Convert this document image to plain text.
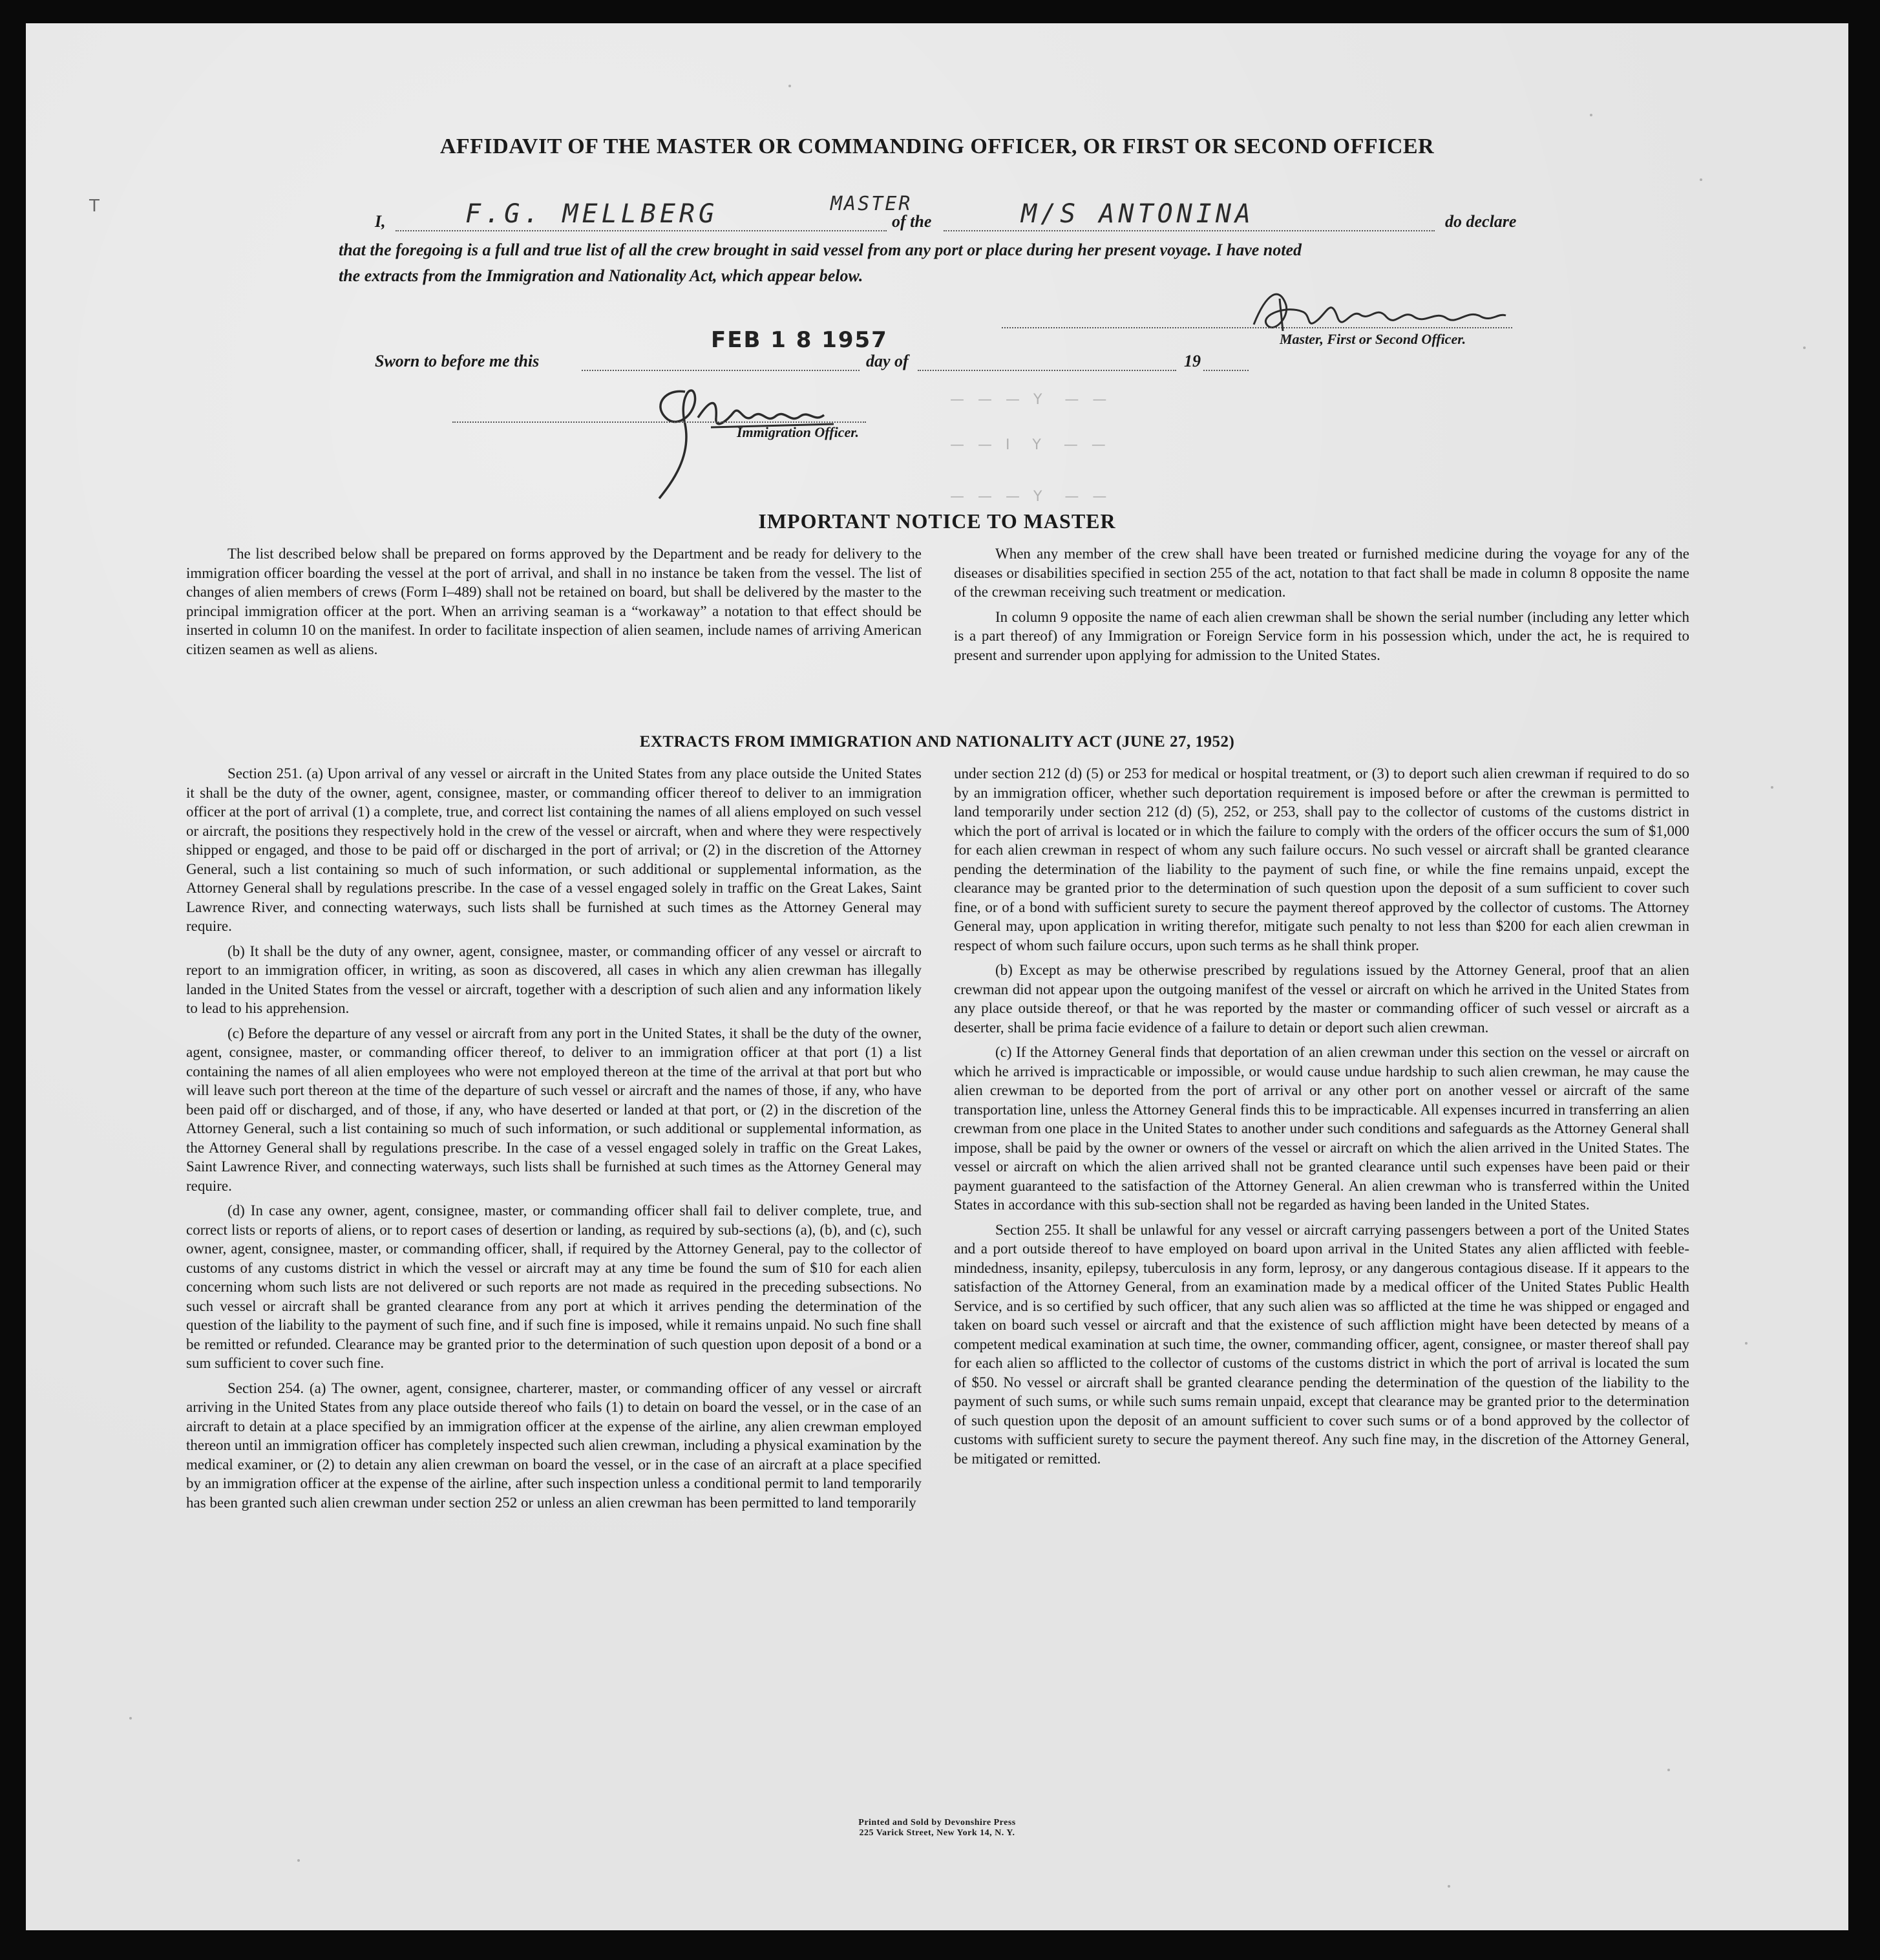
T
AFFIDAVIT OF THE MASTER OR COMMANDING OFFICER, OR FIRST OR SECOND OFFICER
I,	F.G. MELLBERG	MASTER
of the	M/S ANTONINA	do declare
that the foregoing is a full and true list of all the crew brought in said vessel from any port or place during her present voyage. I have noted
the extracts from the Immigration and Nationality Act, which appear below.
Master, First or Second Officer.
Sworn to before me this
FEB 1 8 1957
day of	19
Immigration Officer.
—   —   —   Y     —   —
—   —   I     Y     —   —
—   —   —   Y     —   —
IMPORTANT NOTICE TO MASTER

The list described below shall be prepared on forms approved by the Department and be ready for delivery to the immigration officer boarding the vessel at the port of arrival, and shall in no instance be taken from the vessel. The list of changes of alien members of crews (Form I–489) shall not be retained on board, but shall be delivered by the master to the principal immigration officer at the port. When an arriving seaman is a “workaway” a notation to that effect should be inserted in column 10 on the manifest. In order to facilitate inspection of alien seamen, include names of arriving American citizen seamen as well as aliens.

When any member of the crew shall have been treated or furnished medicine during the voyage for any of the diseases or disabilities specified in section 255 of the act, notation to that fact shall be made in column 8 opposite the name of the crewman receiving such treatment or medication.

In column 9 opposite the name of each alien crewman shall be shown the serial number (including any letter which is a part thereof) of any Immigration or Foreign Service form in his possession which, under the act, he is required to present and surrender upon applying for admission to the United States.

EXTRACTS FROM IMMIGRATION AND NATIONALITY ACT (JUNE 27, 1952)

Section 251. (a) Upon arrival of any vessel or aircraft in the United States from any place outside the United States it shall be the duty of the owner, agent, consignee, master, or commanding officer thereof to deliver to an immigration officer at the port of arrival (1) a complete, true, and correct list containing the names of all aliens employed on such vessel or aircraft, the positions they respectively hold in the crew of the vessel or aircraft, when and where they were respectively shipped or engaged, and those to be paid off or discharged in the port of arrival; or (2) in the discretion of the Attorney General, such a list containing so much of such information, or such additional or supplemental information, as the Attorney General shall by regulations prescribe. In the case of a vessel engaged solely in traffic on the Great Lakes, Saint Lawrence River, and connecting waterways, such lists shall be furnished at such times as the Attorney General may require.

(b) It shall be the duty of any owner, agent, consignee, master, or commanding officer of any vessel or aircraft to report to an immigration officer, in writing, as soon as discovered, all cases in which any alien crewman has illegally landed in the United States from the vessel or aircraft, together with a description of such alien and any information likely to lead to his apprehension.

(c) Before the departure of any vessel or aircraft from any port in the United States, it shall be the duty of the owner, agent, consignee, master, or commanding officer thereof, to deliver to an immigration officer at that port (1) a list containing the names of all alien employees who were not employed thereon at the time of the arrival at that port but who will leave such port thereon at the time of the departure of such vessel or aircraft and the names of those, if any, who have been paid off or discharged, and of those, if any, who have deserted or landed at that port, or (2) in the discretion of the Attorney General, such a list containing so much of such information, or such additional or supplemental information, as the Attorney General shall by regulations prescribe. In the case of a vessel engaged solely in traffic on the Great Lakes, Saint Lawrence River, and connecting waterways, such lists shall be furnished at such times as the Attorney General may require.

(d) In case any owner, agent, consignee, master, or commanding officer shall fail to deliver complete, true, and correct lists or reports of aliens, or to report cases of desertion or landing, as required by sub-sections (a), (b), and (c), such owner, agent, consignee, master, or commanding officer, shall, if required by the Attorney General, pay to the collector of customs of any customs district in which the vessel or aircraft may at any time be found the sum of $10 for each alien concerning whom such lists are not delivered or such reports are not made as required in the preceding subsections. No such vessel or aircraft shall be granted clearance from any port at which it arrives pending the determination of the question of the liability to the payment of such fine, and if such fine is imposed, while it remains unpaid. No such fine shall be remitted or refunded. Clearance may be granted prior to the determination of such question upon deposit of a bond or a sum sufficient to cover such fine.

Section 254. (a) The owner, agent, consignee, charterer, master, or commanding officer of any vessel or aircraft arriving in the United States from any place outside thereof who fails (1) to detain on board the vessel, or in the case of an aircraft to detain at a place specified by an immigration officer at the expense of the airline, any alien crewman employed thereon until an immigration officer has completely inspected such alien crewman, including a physical examination by the medical examiner, or (2) to detain any alien crewman on board the vessel, or in the case of an aircraft at a place specified by an immigration officer at the expense of the airline, after such inspection unless a conditional permit to land temporarily has been granted such alien crewman under section 252 or unless an alien crewman has been permitted to land temporarily

under section 212 (d) (5) or 253 for medical or hospital treatment, or (3) to deport such alien crewman if required to do so by an immigration officer, whether such deportation requirement is imposed before or after the crewman is permitted to land temporarily under section 212 (d) (5), 252, or 253, shall pay to the collector of customs of the customs district in which the port of arrival is located or in which the failure to comply with the orders of the officer occurs the sum of $1,000 for each alien crewman in respect of whom any such failure occurs. No such vessel or aircraft shall be granted clearance pending the determination of the liability to the payment of such fine, or while the fine remains unpaid, except the clearance may be granted prior to the determination of such question upon the deposit of a sum sufficient to cover such fine, or of a bond with sufficient surety to secure the payment thereof approved by the collector of customs. The Attorney General may, upon application in writing therefor, mitigate such penalty to not less than $200 for each alien crewman in respect of whom such failure occurs, upon such terms as he shall think proper.

(b) Except as may be otherwise prescribed by regulations issued by the Attorney General, proof that an alien crewman did not appear upon the outgoing manifest of the vessel or aircraft on which he arrived in the United States from any place outside thereof, or that he was reported by the master or commanding officer of such vessel or aircraft as a deserter, shall be prima facie evidence of a failure to detain or deport such alien crewman.

(c) If the Attorney General finds that deportation of an alien crewman under this section on the vessel or aircraft on which he arrived is impracticable or impossible, or would cause undue hardship to such alien crewman, he may cause the alien crewman to be deported from the port of arrival or any other port on another vessel or aircraft of the same transportation line, unless the Attorney General finds this to be impracticable. All expenses incurred in transferring an alien crewman from one place in the United States to another under such conditions and safeguards as the Attorney General shall impose, shall be paid by the owner or owners of the vessel or aircraft on which the alien arrived in the United States. The vessel or aircraft on which the alien arrived shall not be granted clearance until such expenses have been paid or their payment guaranteed to the satisfaction of the Attorney General. An alien crewman who is transferred within the United States in accordance with this sub-section shall not be regarded as having been landed in the United States.

Section 255. It shall be unlawful for any vessel or aircraft carrying passengers between a port of the United States and a port outside thereof to have employed on board upon arrival in the United States any alien afflicted with feeble-mindedness, insanity, epilepsy, tuberculosis in any form, leprosy, or any dangerous contagious disease. If it appears to the satisfaction of the Attorney General, from an examination made by a medical officer of the United States Public Health Service, and is so certified by such officer, that any such alien was so afflicted at the time he was shipped or engaged and taken on board such vessel or aircraft and that the existence of such affliction might have been detected by means of a competent medical examination at such time, the owner, commanding officer, agent, consignee, or master thereof shall pay for each alien so afflicted to the collector of customs of the customs district in which the port of arrival is located the sum of $50. No vessel or aircraft shall be granted clearance pending the determination of the question of the liability to the payment of such sums, or while such sums remain unpaid, except that clearance may be granted prior to the determination of such question upon the deposit of an amount sufficient to cover such sums or of a bond approved by the collector of customs with sufficient surety to secure the payment thereof. Any such fine may, in the discretion of the Attorney General, be mitigated or remitted.

Printed and Sold by Devonshire Press
225 Varick Street, New York 14, N. Y.
